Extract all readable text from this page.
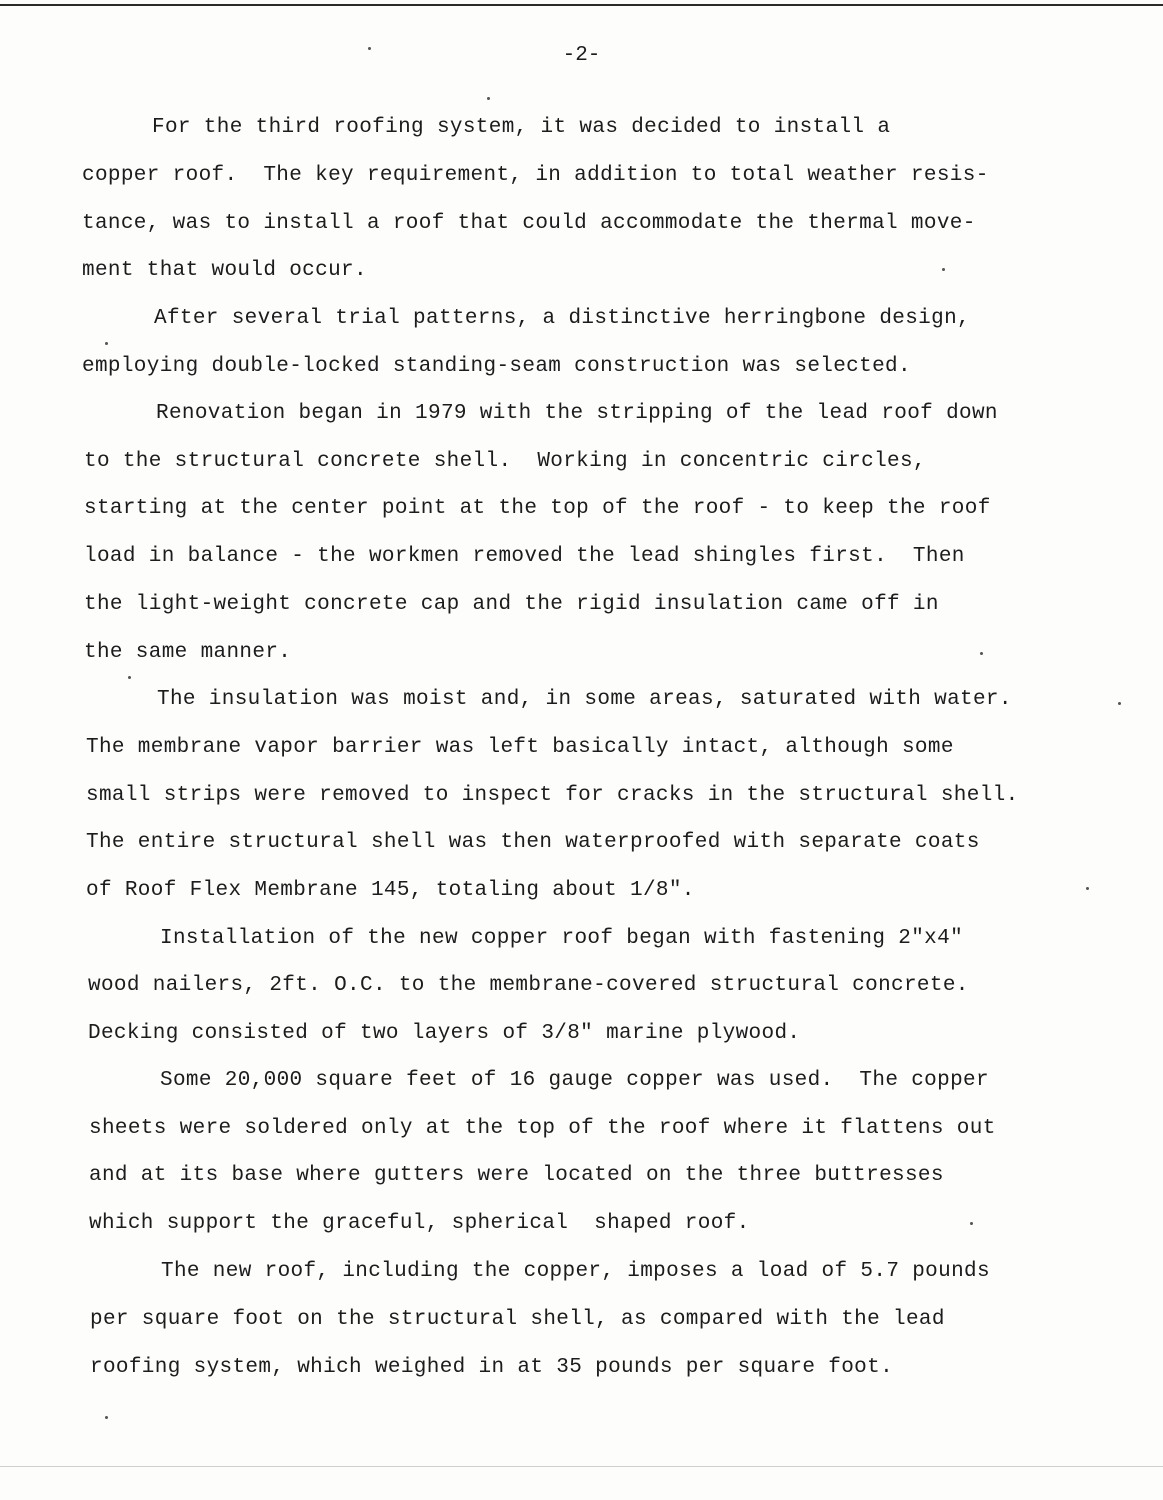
-2-
For the third roofing system, it was decided to install a
copper roof.  The key requirement, in addition to total weather resis-
tance, was to install a roof that could accommodate the thermal move-
ment that would occur.
After several trial patterns, a distinctive herringbone design,
employing double-locked standing-seam construction was selected.
Renovation began in 1979 with the stripping of the lead roof down
to the structural concrete shell.  Working in concentric circles,
starting at the center point at the top of the roof - to keep the roof
load in balance - the workmen removed the lead shingles first.  Then
the light-weight concrete cap and the rigid insulation came off in
the same manner.
The insulation was moist and, in some areas, saturated with water.
The membrane vapor barrier was left basically intact, although some
small strips were removed to inspect for cracks in the structural shell.
The entire structural shell was then waterproofed with separate coats
of Roof Flex Membrane 145, totaling about 1/8".
Installation of the new copper roof began with fastening 2"x4"
wood nailers, 2ft. O.C. to the membrane-covered structural concrete.
Decking consisted of two layers of 3/8" marine plywood.
Some 20,000 square feet of 16 gauge copper was used.  The copper
sheets were soldered only at the top of the roof where it flattens out
and at its base where gutters were located on the three buttresses
which support the graceful, spherical  shaped roof.
The new roof, including the copper, imposes a load of 5.7 pounds
per square foot on the structural shell, as compared with the lead
roofing system, which weighed in at 35 pounds per square foot.
